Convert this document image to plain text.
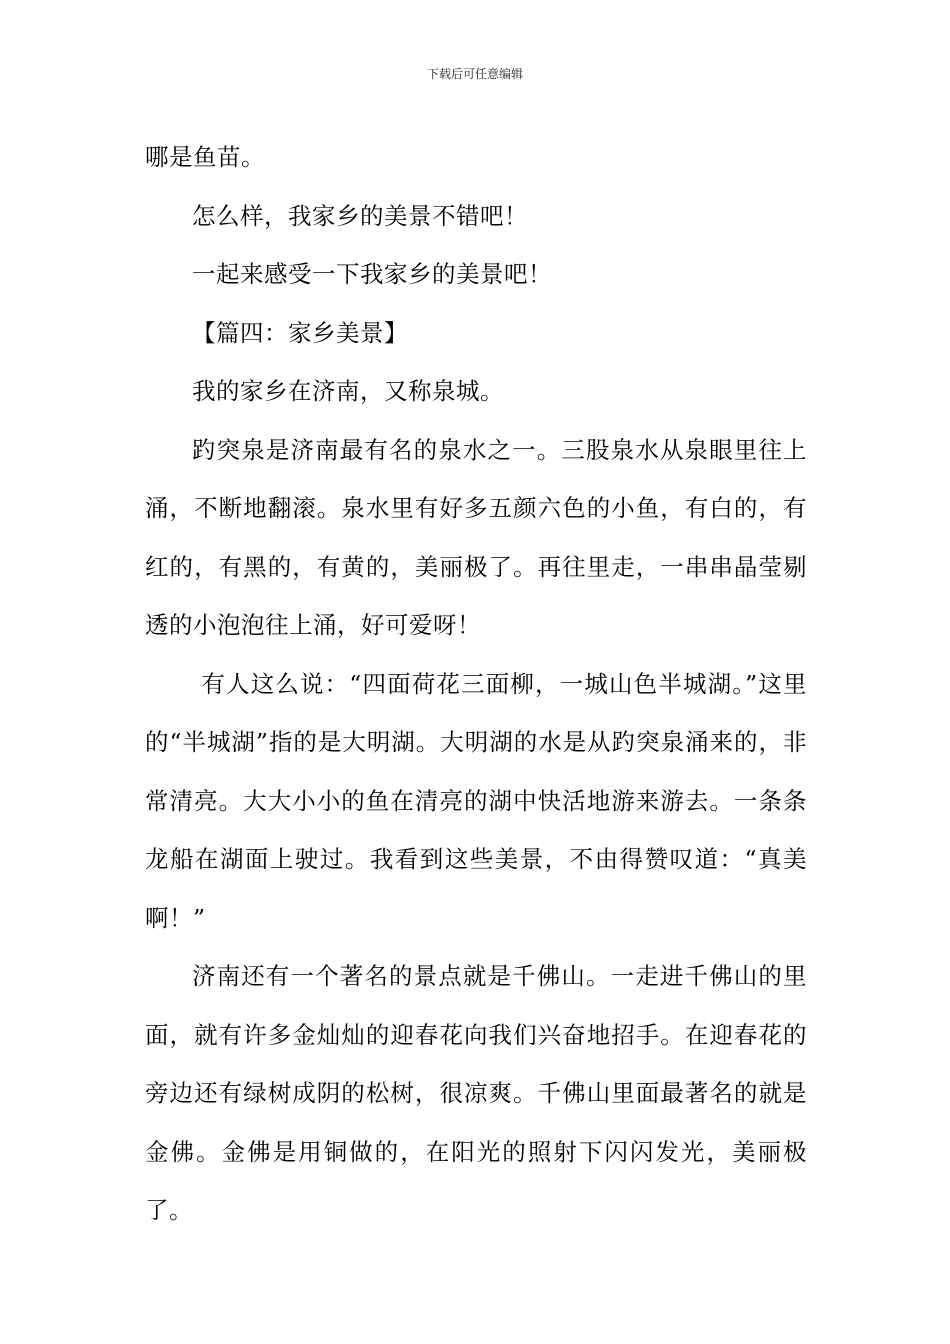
下载后可任意编辑

哪是鱼苗。

怎么样，我家乡的美景不错吧！

一起来感受一下我家乡的美景吧！

【篇四：家乡美景】

我的家乡在济南，又称泉城。

趵突泉是济南最有名的泉水之一。三股泉水从泉眼里往上涌，不断地翻滚。泉水里有好多五颜六色的小鱼，有白的，有红的，有黑的，有黄的，美丽极了。再往里走，一串串晶莹剔透的小泡泡往上涌，好可爱呀！

有人这么说：“四面荷花三面柳，一城山色半城湖。”这里的“半城湖”指的是大明湖。大明湖的水是从趵突泉涌来的，非常清亮。大大小小的鱼在清亮的湖中快活地游来游去。一条条龙船在湖面上驶过。我看到这些美景，不由得赞叹道：“真美啊！”

济南还有一个著名的景点就是千佛山。一走进千佛山的里面，就有许多金灿灿的迎春花向我们兴奋地招手。在迎春花的旁边还有绿树成阴的松树，很凉爽。千佛山里面最著名的就是金佛。金佛是用铜做的，在阳光的照射下闪闪发光，美丽极了。
